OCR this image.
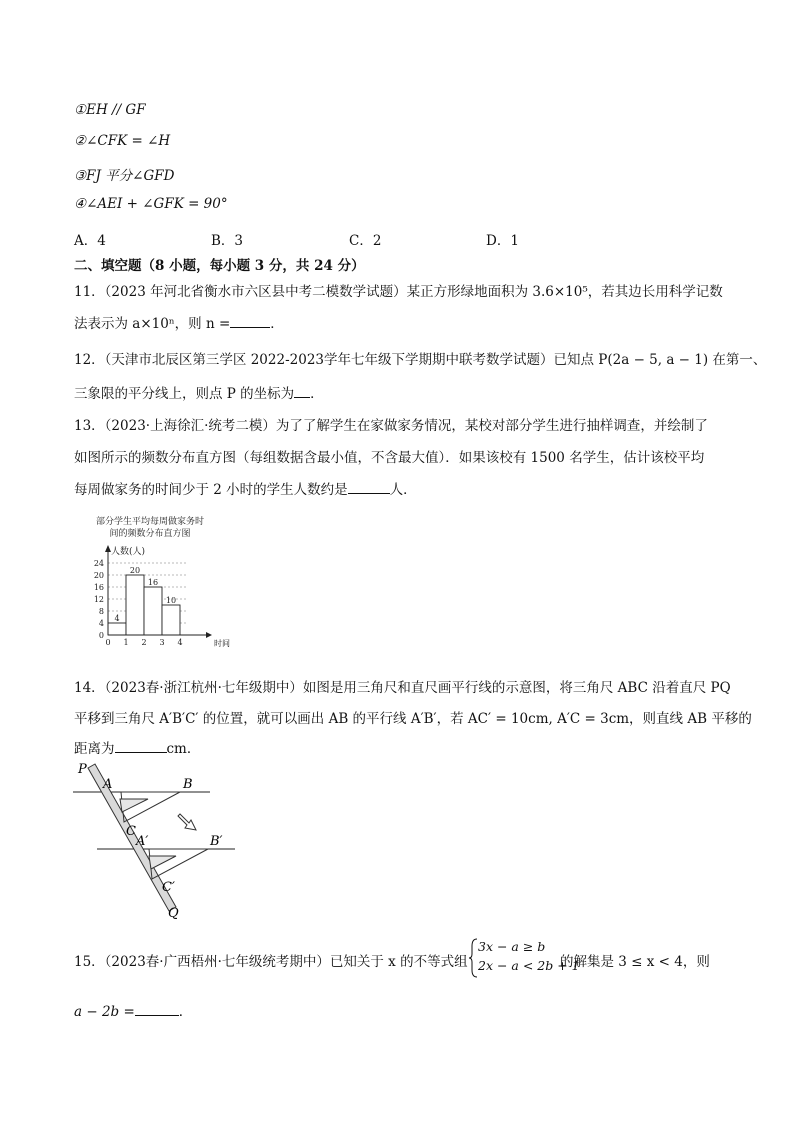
①EH // GF
②∠CFK = ∠H
③FJ 平分∠GFD
④∠AEI + ∠GFK = 90°
A．4	B．3	C．2	D．1
二、填空题（8 小题，每小题 3 分，共 24 分）
11．（2023 年河北省衡水市六区县中考二模数学试题）某正方形绿地面积为 3.6×10⁵，若其边长用科学记数
法表示为 a×10ⁿ，则 n =	．
12．（天津市北辰区第三学区 2022-2023学年七年级下学期期中联考数学试题）已知点 P(2a − 5, a − 1) 在第一、
三象限的平分线上，则点 P 的坐标为 ．
13．（2023·上海徐汇·统考二模）为了了解学生在家做家务情况，某校对部分学生进行抽样调查，并绘制了
如图所示的频数分布直方图（每组数据含最小值，不含最大值）．如果该校有 1500 名学生，估计该校平均
每周做家务的时间少于 2 小时的学生人数约是	人．
部分学生平均每周做家务时
间的频数分布直方图
0
4
8
12
16
20
24
4
20
16
10
0 1 2 3 4	时间
人数(人)
14．（2023春·浙江杭州·七年级期中）如图是用三角尺和直尺画平行线的示意图，将三角尺 ABC 沿着直尺 PQ
平移到三角尺 A′B′C′ 的位置，就可以画出 AB 的平行线 A′B′，若 AC′ = 10cm, A′C = 3cm，则直线 AB 平移的
距离为	cm．
P
A	B
C
A′	B′
C′
Q
15．（2023春·广西梧州·七年级统考期中）已知关于 x 的不等式组
3x − a ≥ b
2x − a < 2b + 1
的解集是 3 ≤ x < 4，则
a − 2b =	．
